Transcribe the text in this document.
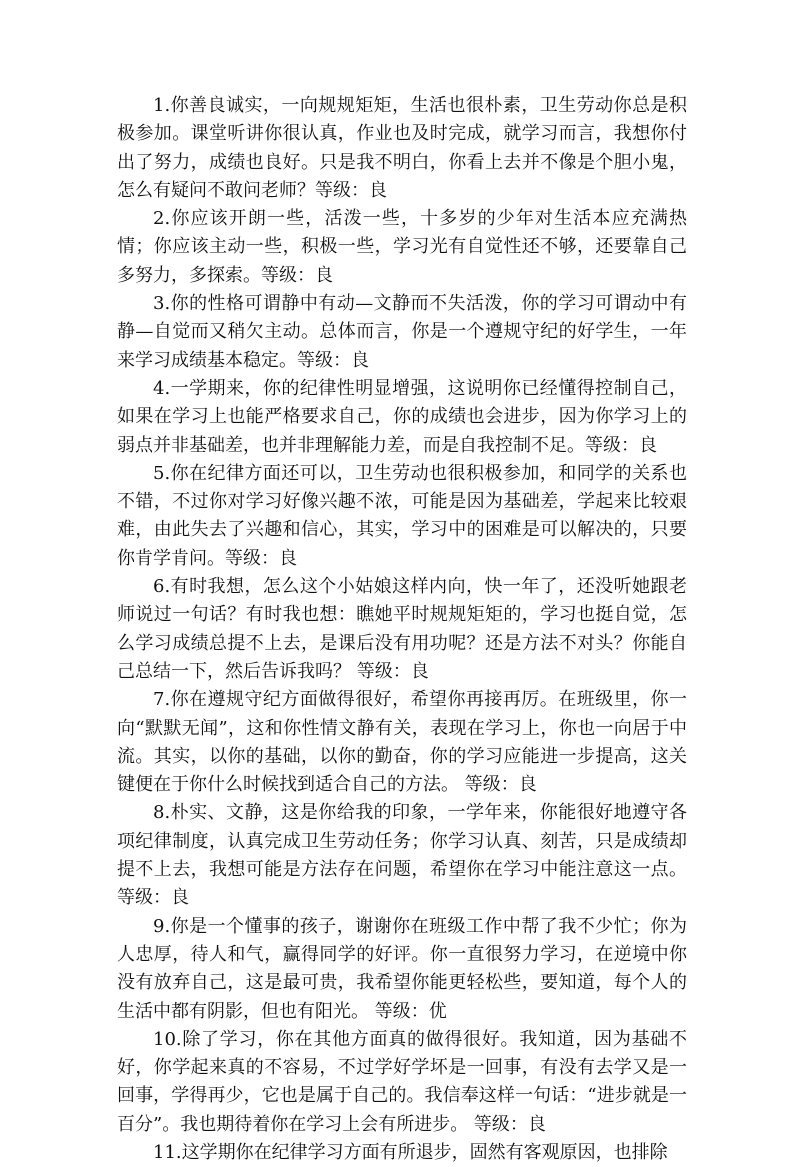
1.你善良诚实，一向规规矩矩，生活也很朴素，卫生劳动你总是积极参加。课堂听讲你很认真，作业也及时完成，就学习而言，我想你付出了努力，成绩也良好。只是我不明白，你看上去并不像是个胆小鬼，怎么有疑问不敢问老师？等级：良

2.你应该开朗一些，活泼一些，十多岁的少年对生活本应充满热情；你应该主动一些，积极一些，学习光有自觉性还不够，还要靠自己多努力，多探索。等级：良

3.你的性格可谓静中有动—文静而不失活泼，你的学习可谓动中有静—自觉而又稍欠主动。总体而言，你是一个遵规守纪的好学生，一年来学习成绩基本稳定。等级：良

4.一学期来，你的纪律性明显增强，这说明你已经懂得控制自己，如果在学习上也能严格要求自己，你的成绩也会进步，因为你学习上的弱点并非基础差，也并非理解能力差，而是自我控制不足。等级：良

5.你在纪律方面还可以，卫生劳动也很积极参加，和同学的关系也不错，不过你对学习好像兴趣不浓，可能是因为基础差，学起来比较艰难，由此失去了兴趣和信心，其实，学习中的困难是可以解决的，只要你肯学肯问。等级：良

6.有时我想，怎么这个小姑娘这样内向，快一年了，还没听她跟老师说过一句话？有时我也想：瞧她平时规规矩矩的，学习也挺自觉，怎么学习成绩总提不上去，是课后没有用功呢？还是方法不对头？你能自己总结一下，然后告诉我吗？ 等级：良

7.你在遵规守纪方面做得很好，希望你再接再厉。在班级里，你一向“默默无闻”，这和你性情文静有关，表现在学习上，你也一向居于中流。其实，以你的基础，以你的勤奋，你的学习应能进一步提高，这关键便在于你什么时候找到适合自己的方法。 等级：良

8.朴实、文静，这是你给我的印象，一学年来，你能很好地遵守各项纪律制度，认真完成卫生劳动任务；你学习认真、刻苦，只是成绩却提不上去，我想可能是方法存在问题，希望你在学习中能注意这一点。 等级：良

9.你是一个懂事的孩子，谢谢你在班级工作中帮了我不少忙；你为人忠厚，待人和气，赢得同学的好评。你一直很努力学习，在逆境中你没有放弃自己，这是最可贵，我希望你能更轻松些，要知道，每个人的生活中都有阴影，但也有阳光。 等级：优

10.除了学习，你在其他方面真的做得很好。我知道，因为基础不好，你学起来真的不容易，不过学好学坏是一回事，有没有去学又是一回事，学得再少，它也是属于自己的。我信奉这样一句话：“进步就是一百分”。我也期待着你在学习上会有所进步。 等级：良

11.这学期你在纪律学习方面有所退步，固然有客观原因，也排除
